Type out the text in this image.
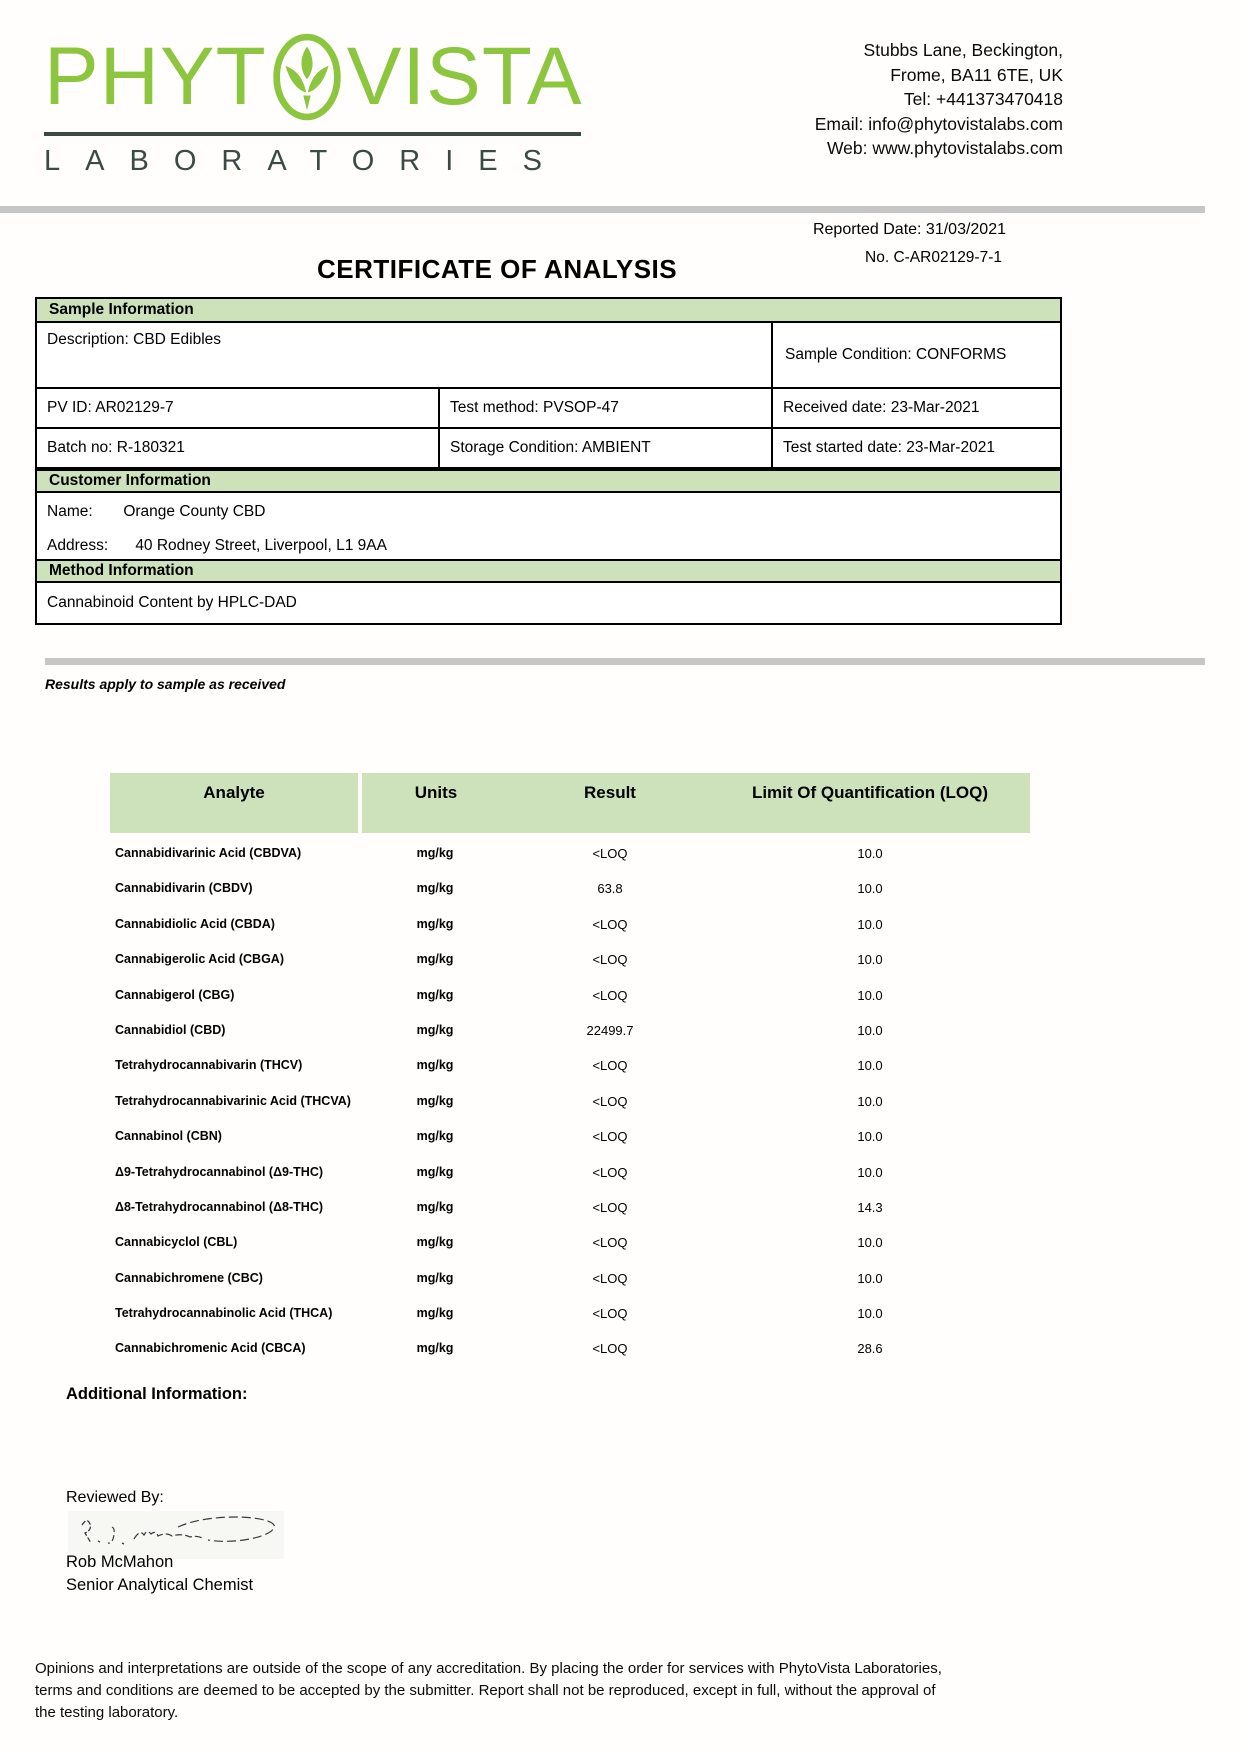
PHYT VISTA
LABORATORIES
Stubbs Lane, Beckington,
Frome, BA11 6TE, UK
Tel: +441373470418
Email: info@phytovistalabs.com
Web: www.phytovistalabs.com
Reported Date: 31/03/2021
CERTIFICATE OF ANALYSIS	No. C-AR02129-7-1
Sample Information
Description: CBD Edibles
Sample Condition: CONFORMS
PV ID: AR02129-7	Test method: PVSOP-47	Received date: 23-Mar-2021
Batch no: R-180321	Storage Condition: AMBIENT	Test started date: 23-Mar-2021
Customer Information
Name: Orange County CBD
Address: 40 Rodney Street, Liverpool, L1 9AA
Method Information
Cannabinoid Content by HPLC-DAD
Results apply to sample as received
Analyte	Units	Result	Limit Of Quantification (LOQ)
Cannabidivarinic Acid (CBDVA)	mg/kg	<LOQ	10.0
Cannabidivarin (CBDV)	mg/kg	63.8	10.0
Cannabidiolic Acid (CBDA)	mg/kg	<LOQ	10.0
Cannabigerolic Acid (CBGA)	mg/kg	<LOQ	10.0
Cannabigerol (CBG)	mg/kg	<LOQ	10.0
Cannabidiol (CBD)	mg/kg	22499.7	10.0
Tetrahydrocannabivarin (THCV)	mg/kg	<LOQ	10.0
Tetrahydrocannabivarinic Acid (THCVA)	mg/kg	<LOQ	10.0
Cannabinol (CBN)	mg/kg	<LOQ	10.0
Δ9-Tetrahydrocannabinol (Δ9-THC)	mg/kg	<LOQ	10.0
Δ8-Tetrahydrocannabinol (Δ8-THC)	mg/kg	<LOQ	14.3
Cannabicyclol (CBL)	mg/kg	<LOQ	10.0
Cannabichromene (CBC)	mg/kg	<LOQ	10.0
Tetrahydrocannabinolic Acid (THCA)	mg/kg	<LOQ	10.0
Cannabichromenic Acid (CBCA)	mg/kg	<LOQ	28.6
Additional Information:
Reviewed By:
Rob McMahon
Senior Analytical Chemist
Opinions and interpretations are outside of the scope of any accreditation. By placing the order for services with PhytoVista Laboratories,
terms and conditions are deemed to be accepted by the submitter. Report shall not be reproduced, except in full, without the approval of
the testing laboratory.
